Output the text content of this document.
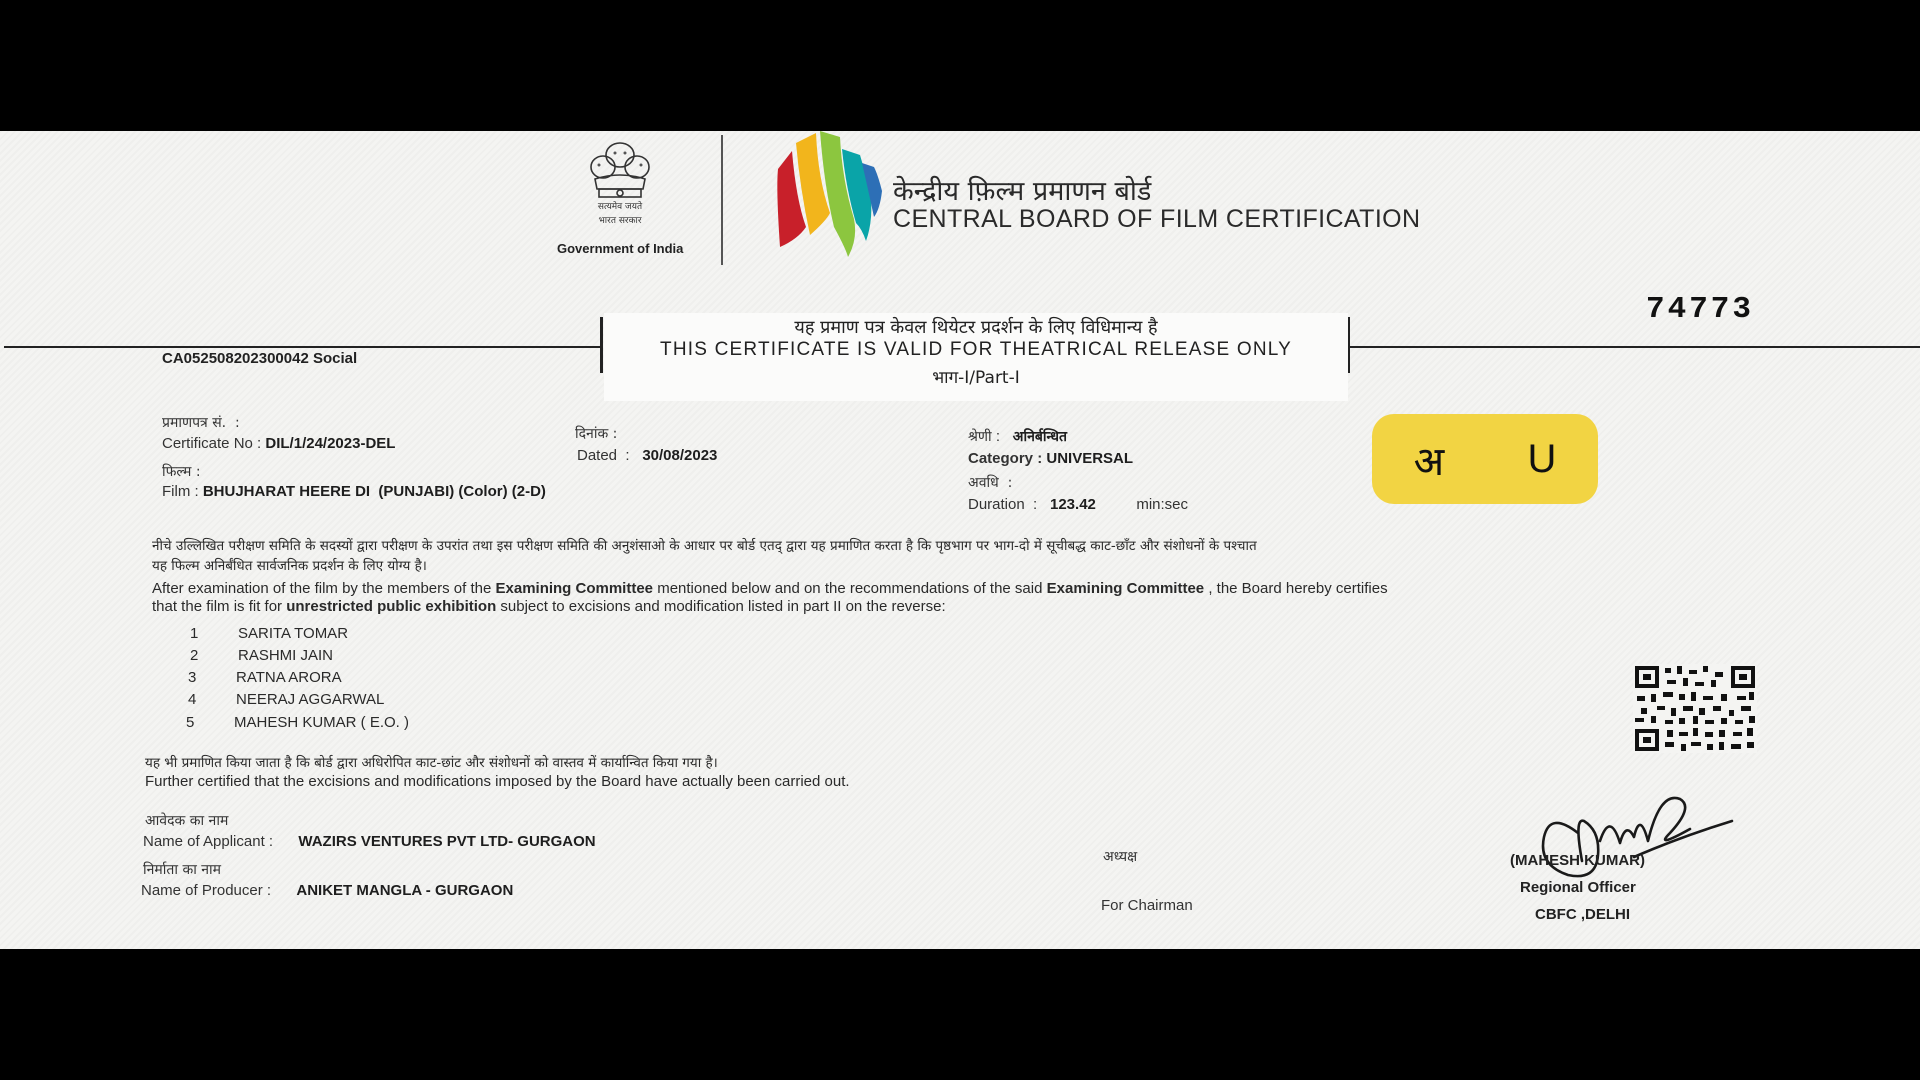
सत्यमेव जयते
भारत सरकार
Government of India
केन्द्रीय फ़िल्म प्रमाणन बोर्ड
CENTRAL BOARD OF FILM CERTIFICATION
74773
यह प्रमाण पत्र केवल थियेटर प्रदर्शन के लिए विधिमान्य है
THIS CERTIFICATE IS VALID FOR THEATRICAL RELEASE ONLY
भाग-I/Part-I
CA052508202300042 Social
प्रमाणपत्र सं.  :
Certificate No : DIL/1/24/2023-DEL
दिनांक :
Dated  :   30/08/2023
श्रेणी :   अनिर्बन्धित
Category : UNIVERSAL
फिल्म :
Film : BHUJHARAT HEERE DI  (PUNJABI) (Color) (2-D)	अवधि  :
Duration  :   123.42	min:sec
अ U
नीचे उल्लिखित परीक्षण समिति के सदस्यों द्वारा परीक्षण के उपरांत तथा इस परीक्षण समिति की अनुशंसाओ के आधार पर बोर्ड एतद् द्वारा यह प्रमाणित करता है कि पृष्ठभाग पर भाग-दो में सूचीबद्ध काट-छाँट और संशोधनों के पश्चात
यह फिल्म अनिर्बंधित सार्वजनिक प्रदर्शन के लिए योग्य है।
After examination of the film by the members of the Examining Committee mentioned below and on the recommendations of the said Examining Committee , the Board hereby certifies
that the film is fit for unrestricted public exhibition subject to excisions and modification listed in part II on the reverse:
1	SARITA TOMAR
2	RASHMI JAIN
3	RATNA ARORA
4	NEERAJ AGGARWAL
5	MAHESH KUMAR ( E.O. )
यह भी प्रमाणित किया जाता है कि बोर्ड द्वारा अधिरोपित काट-छांट और संशोधनों को वास्तव में कार्यान्वित किया गया है।
Further certified that the excisions and modifications imposed by the Board have actually been carried out.
आवेदक का नाम
Name of Applicant :      WAZIRS VENTURES PVT LTD- GURGAON
निर्माता का नाम
Name of Producer :      ANIKET MANGLA - GURGAON
अध्यक्ष
For Chairman
(MAHESH KUMAR)
Regional Officer
CBFC ,DELHI
